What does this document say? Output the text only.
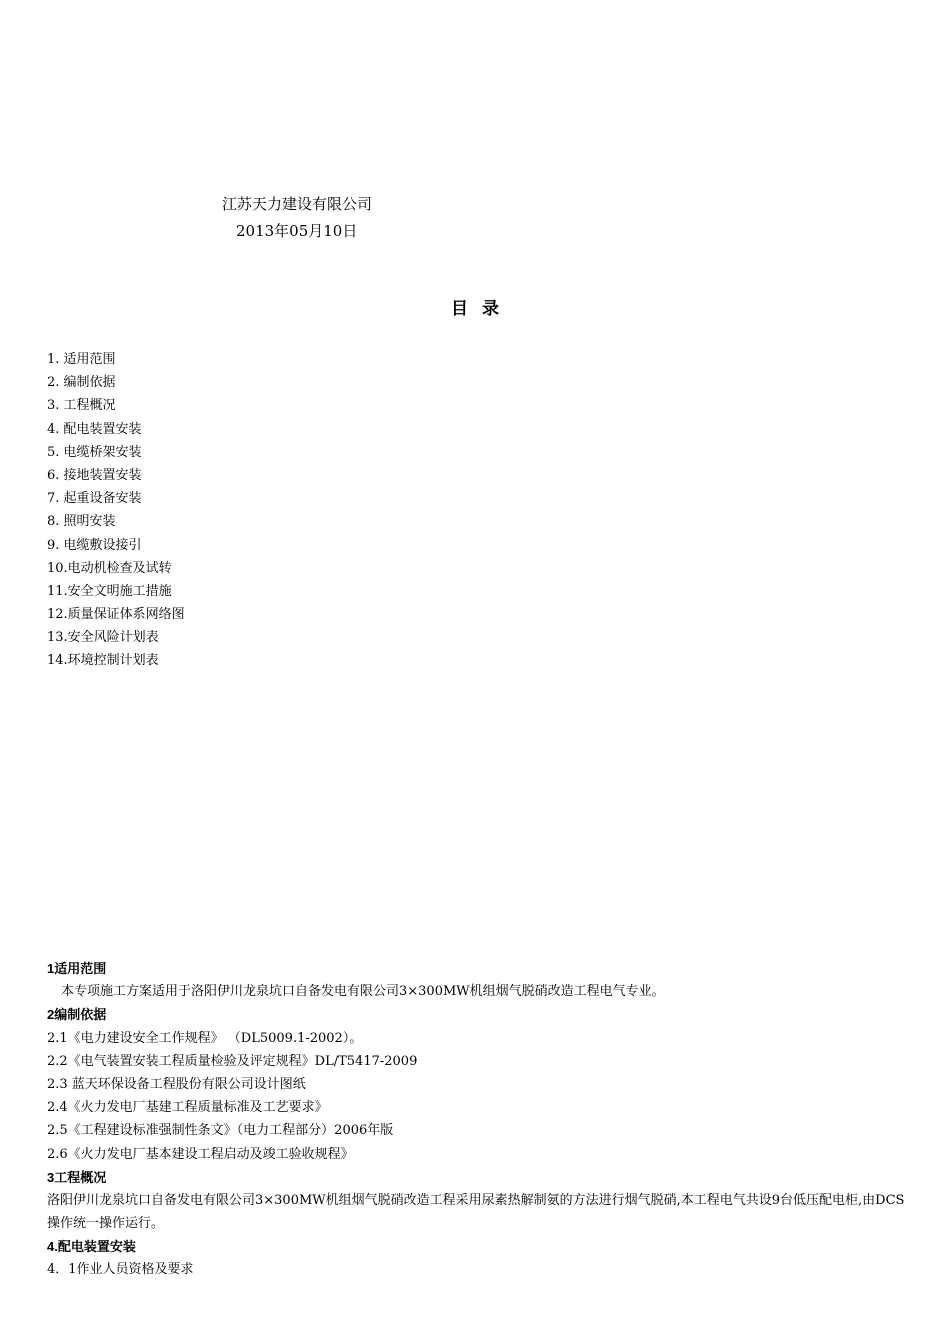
江苏天力建设有限公司
2013年05月10日
目录
1. 适用范围
2. 编制依据
3. 工程概况
4. 配电装置安装
5. 电缆桥架安装
6. 接地装置安装
7. 起重设备安装
8. 照明安装
9. 电缆敷设接引
10.电动机检查及试转
11.安全文明施工措施
12.质量保证体系网络图
13.安全风险计划表
14.环境控制计划表
1适用范围
本专项施工方案适用于洛阳伊川龙泉坑口自备发电有限公司3×300MW机组烟气脱硝改造工程电气专业。
2编制依据
2.1《电力建设安全工作规程》 （DL5009.1-2002）。
2.2《电气装置安装工程质量检验及评定规程》DL/T5417-2009
2.3 蓝天环保设备工程股份有限公司设计图纸
2.4《火力发电厂基建工程质量标准及工艺要求》
2.5《工程建设标准强制性条文》（电力工程部分）2006年版
2.6《火力发电厂基本建设工程启动及竣工验收规程》
3工程概况
洛阳伊川龙泉坑口自备发电有限公司3×300MW机组烟气脱硝改造工程采用尿素热解制氨的方法进行烟气脱硝,本工程电气共设9台低压配电柜,由DCS操作统一操作运行。
4.配电装置安装
4．1作业人员资格及要求
